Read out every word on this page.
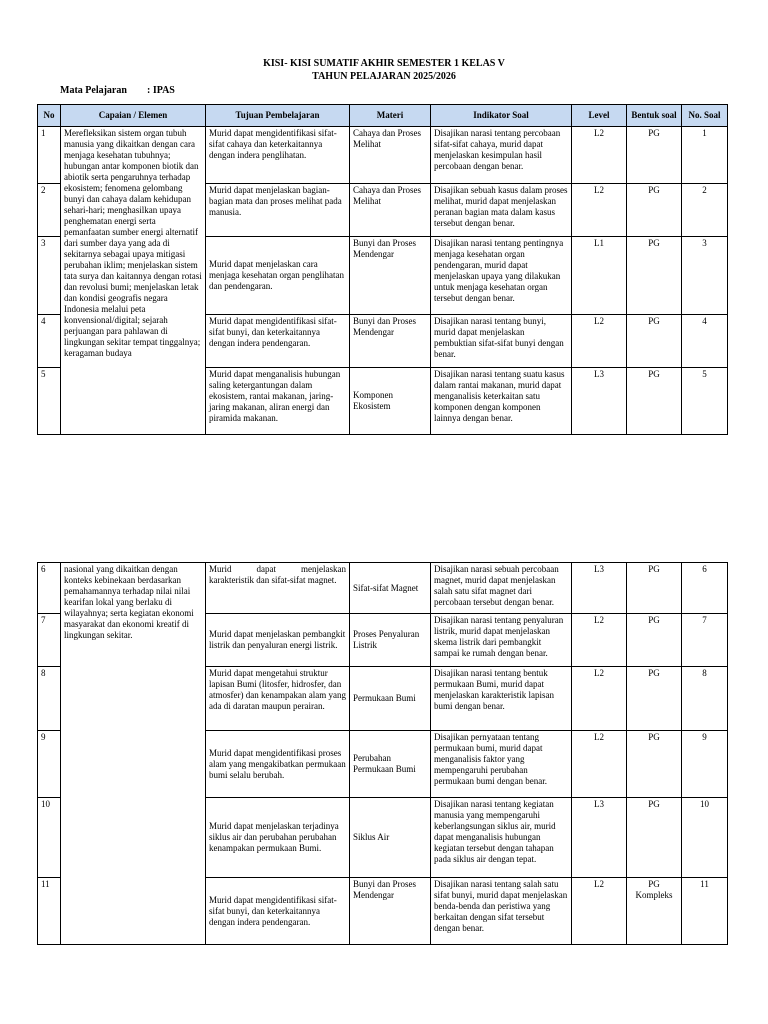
KISI- KISI SUMATIF AKHIR SEMESTER 1 KELAS V
TAHUN PELAJARAN 2025/2026
Mata Pelajaran : IPAS
No	Capaian / Elemen	Tujuan Pembelajaran	Materi	Indikator Soal	Level	Bentuk soal	No. Soal
1	Merefleksikan sistem organ tubuh manusia yang dikaitkan dengan cara menjaga kesehatan tubuhnya; hubungan antar komponen biotik dan abiotik serta pengaruhnya terhadap ekosistem; fenomena gelombang bunyi dan cahaya dalam kehidupan sehari-hari; menghasilkan upaya penghematan energi serta pemanfaatan sumber energi alternatif dari sumber daya yang ada di sekitarnya sebagai upaya mitigasi perubahan iklim; menjelaskan sistem tata surya dan kaitannya dengan rotasi dan revolusi bumi; menjelaskan letak dan kondisi geografis negara Indonesia melalui peta konvensional/digital; sejarah perjuangan para pahlawan di lingkungan sekitar tempat tinggalnya; keragaman budaya	Murid dapat mengidentifikasi sifat-sifat cahaya dan keterkaitannya dengan indera penglihatan.	Cahaya dan Proses Melihat	Disajikan narasi tentang percobaan sifat-sifat cahaya, murid dapat menjelaskan kesimpulan hasil percobaan dengan benar.	L2	PG	1
2		Murid dapat menjelaskan bagian-bagian mata dan proses melihat pada manusia.	Cahaya dan Proses Melihat	Disajikan sebuah kasus dalam proses melihat, murid dapat menjelaskan peranan bagian mata dalam kasus tersebut dengan benar.	L2	PG	2
3		Murid dapat menjelaskan cara menjaga kesehatan organ penglihatan dan pendengaran.	Bunyi dan Proses Mendengar	Disajikan narasi tentang pentingnya menjaga kesehatan organ pendengaran, murid dapat menjelaskan upaya yang dilakukan untuk menjaga kesehatan organ tersebut dengan benar.	L1	PG	3
4		Murid dapat mengidentifikasi sifat-sifat bunyi, dan keterkaitannya dengan indera pendengaran.	Bunyi dan Proses Mendengar	Disajikan narasi tentang bunyi, murid dapat menjelaskan pembuktian sifat-sifat bunyi dengan benar.	L2	PG	4
5		Murid dapat menganalisis hubungan saling ketergantungan dalam ekosistem, rantai makanan, jaring-jaring makanan, aliran energi dan piramida makanan.	Komponen Ekosistem	Disajikan narasi tentang suatu kasus dalam rantai makanan, murid dapat menganalisis keterkaitan satu komponen dengan komponen lainnya dengan benar.	L3	PG	5
6	nasional yang dikaitkan dengan konteks kebinekaan berdasarkan pemahamannya terhadap nilai nilai kearifan lokal yang berlaku di wilayahnya; serta kegiatan ekonomi masyarakat dan ekonomi kreatif di lingkungan sekitar.	Murid dapat menjelaskan karakteristik dan sifat-sifat magnet.	Sifat-sifat Magnet	Disajikan narasi sebuah percobaan magnet, murid dapat menjelaskan salah satu sifat magnet dari percobaan tersebut dengan benar.	L3	PG	6
7		Murid dapat menjelaskan pembangkit listrik dan penyaluran energi listrik.	Proses Penyaluran Listrik	Disajikan narasi tentang penyaluran listrik, murid dapat menjelaskan skema listrik dari pembangkit sampai ke rumah dengan benar.	L2	PG	7
8		Murid dapat mengetahui struktur lapisan Bumi (litosfer, hidrosfer, dan atmosfer) dan kenampakan alam yang ada di daratan maupun perairan.	Permukaan Bumi	Disajikan narasi tentang bentuk permukaan Bumi, murid dapat menjelaskan karakteristik lapisan bumi dengan benar.	L2	PG	8
9		Murid dapat mengidentifikasi proses alam yang mengakibatkan permukaan bumi selalu berubah.	Perubahan Permukaan Bumi	Disajikan pernyataan tentang permukaan bumi, murid dapat menganalisis faktor yang mempengaruhi perubahan permukaan bumi dengan benar.	L2	PG	9
10		Murid dapat menjelaskan terjadinya siklus air dan perubahan perubahan kenampakan permukaan Bumi.	Siklus Air	Disajikan narasi tentang kegiatan manusia yang mempengaruhi keberlangsungan siklus air, murid dapat menganalisis hubungan kegiatan tersebut dengan tahapan pada siklus air dengan tepat.	L3	PG	10
11		Murid dapat mengidentifikasi sifat-sifat bunyi, dan keterkaitannya dengan indera pendengaran.	Bunyi dan Proses Mendengar	Disajikan narasi tentang salah satu sifat bunyi, murid dapat menjelaskan benda-benda dan peristiwa yang berkaitan dengan sifat tersebut dengan benar.	L2	PG Kompleks	11
